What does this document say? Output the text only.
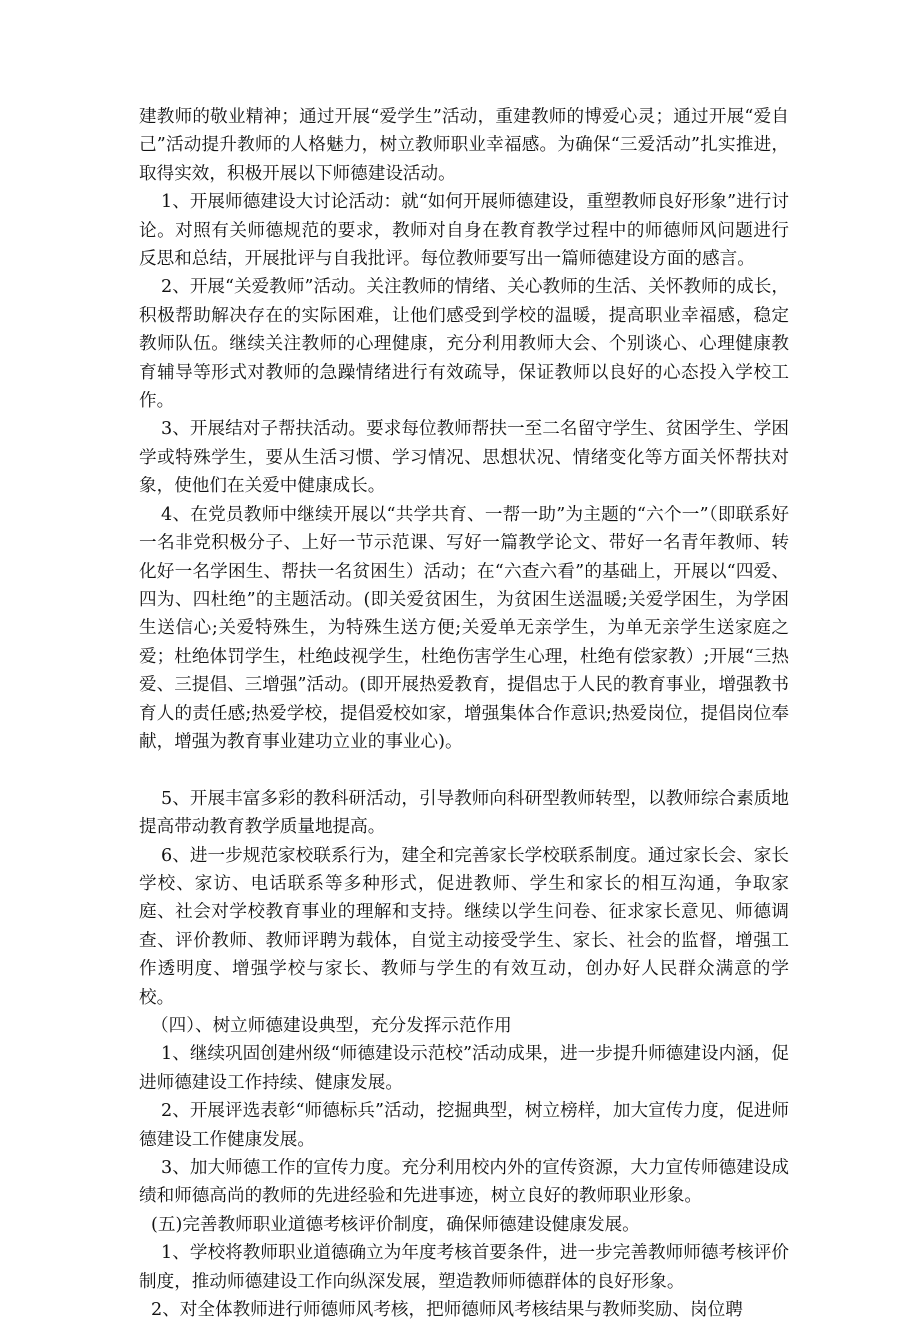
建教师的敬业精神；通过开展“爱学生”活动，重建教师的博爱心灵；通过开展“爱自己”活动提升教师的人格魅力，树立教师职业幸福感。为确保“三爱活动”扎实推进，取得实效，积极开展以下师德建设活动。

1、开展师德建设大讨论活动：就“如何开展师德建设，重塑教师良好形象”进行讨论。对照有关师德规范的要求，教师对自身在教育教学过程中的师德师风问题进行反思和总结，开展批评与自我批评。每位教师要写出一篇师德建设方面的感言。

2、开展“关爱教师”活动。关注教师的情绪、关心教师的生活、关怀教师的成长，积极帮助解决存在的实际困难，让他们感受到学校的温暖，提高职业幸福感，稳定教师队伍。继续关注教师的心理健康，充分利用教师大会、个别谈心、心理健康教育辅导等形式对教师的急躁情绪进行有效疏导，保证教师以良好的心态投入学校工作。

3、开展结对子帮扶活动。要求每位教师帮扶一至二名留守学生、贫困学生、学困学或特殊学生，要从生活习惯、学习情况、思想状况、情绪变化等方面关怀帮扶对象，使他们在关爱中健康成长。

4、在党员教师中继续开展以“共学共育、一帮一助”为主题的“六个一”（即联系好一名非党积极分子、上好一节示范课、写好一篇教学论文、带好一名青年教师、转化好一名学困生、帮扶一名贫困生）活动；在“六查六看”的基础上，开展以“四爱、四为、四杜绝”的主题活动。(即关爱贫困生，为贫困生送温暖;关爱学困生，为学困生送信心;关爱特殊生，为特殊生送方便;关爱单无亲学生，为单无亲学生送家庭之爱；杜绝体罚学生，杜绝歧视学生，杜绝伤害学生心理，杜绝有偿家教）;开展“三热爱、三提倡、三增强”活动。(即开展热爱教育，提倡忠于人民的教育事业，增强教书育人的责任感;热爱学校，提倡爱校如家，增强集体合作意识;热爱岗位，提倡岗位奉献，增强为教育事业建功立业的事业心)。

5、开展丰富多彩的教科研活动，引导教师向科研型教师转型，以教师综合素质地提高带动教育教学质量地提高。

6、进一步规范家校联系行为，建全和完善家长学校联系制度。通过家长会、家长学校、家访、电话联系等多种形式，促进教师、学生和家长的相互沟通，争取家庭、社会对学校教育事业的理解和支持。继续以学生问卷、征求家长意见、师德调查、评价教师、教师评聘为载体，自觉主动接受学生、家长、社会的监督，增强工作透明度、增强学校与家长、教师与学生的有效互动，创办好人民群众满意的学校。

（四）、树立师德建设典型，充分发挥示范作用

1、继续巩固创建州级“师德建设示范校”活动成果，进一步提升师德建设内涵，促进师德建设工作持续、健康发展。

2、开展评选表彰“师德标兵”活动，挖掘典型，树立榜样，加大宣传力度，促进师德建设工作健康发展。

3、加大师德工作的宣传力度。充分利用校内外的宣传资源，大力宣传师德建设成绩和师德高尚的教师的先进经验和先进事迹，树立良好的教师职业形象。

(五)完善教师职业道德考核评价制度，确保师德建设健康发展。

1、学校将教师职业道德确立为年度考核首要条件，进一步完善教师师德考核评价制度，推动师德建设工作向纵深发展，塑造教师师德群体的良好形象。

2、对全体教师进行师德师风考核，把师德师风考核结果与教师奖励、岗位聘
